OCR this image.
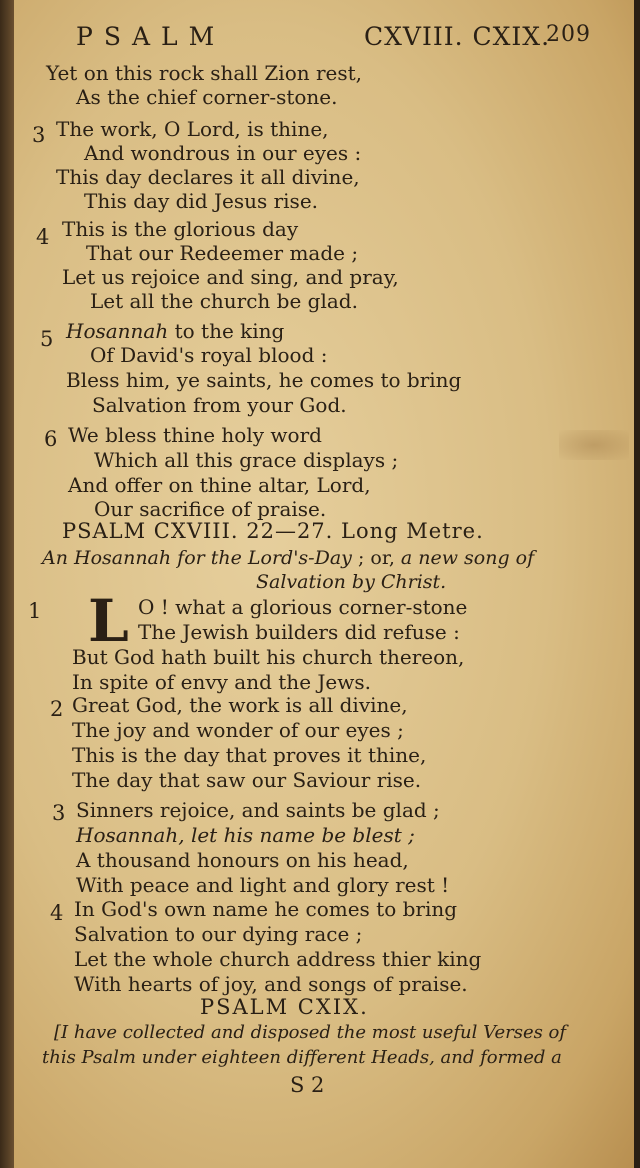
PSALM	CXVIII. CXIX.
209
Yet on this rock shall Zion rest,
As the chief corner-stone.
3 The work, O Lord, is thine,
And wondrous in our eyes :
This day declares it all divine,
This day did Jesus rise.
4 This is the glorious day
That our Redeemer made ;
Let us rejoice and sing, and pray,
Let all the church be glad.
5 Hosannah to the king
Of David's royal blood :
Bless him, ye saints, he comes to bring
Salvation from your God.
6 We bless thine holy word
Which all this grace displays ;
And offer on thine altar, Lord,
Our sacrifice of praise.
PSALM CXVIII. 22—27. Long Metre.
An Hosannah for the Lord's-Day ; or, a new song of
Salvation by Christ.
1 L O ! what a glorious corner-stone
The Jewish builders did refuse :
But God hath built his church thereon,
In spite of envy and the Jews.
2 Great God, the work is all divine,
The joy and wonder of our eyes ;
This is the day that proves it thine,
The day that saw our Saviour rise.
3 Sinners rejoice, and saints be glad ;
Hosannah, let his name be blest ;
A thousand honours on his head,
With peace and light and glory rest !
4 In God's own name he comes to bring
Salvation to our dying race ;
Let the whole church address thier king
With hearts of joy, and songs of praise.
PSALM CXIX.
[I have collected and disposed the most useful Verses of
this Psalm under eighteen different Heads, and formed a
S 2
